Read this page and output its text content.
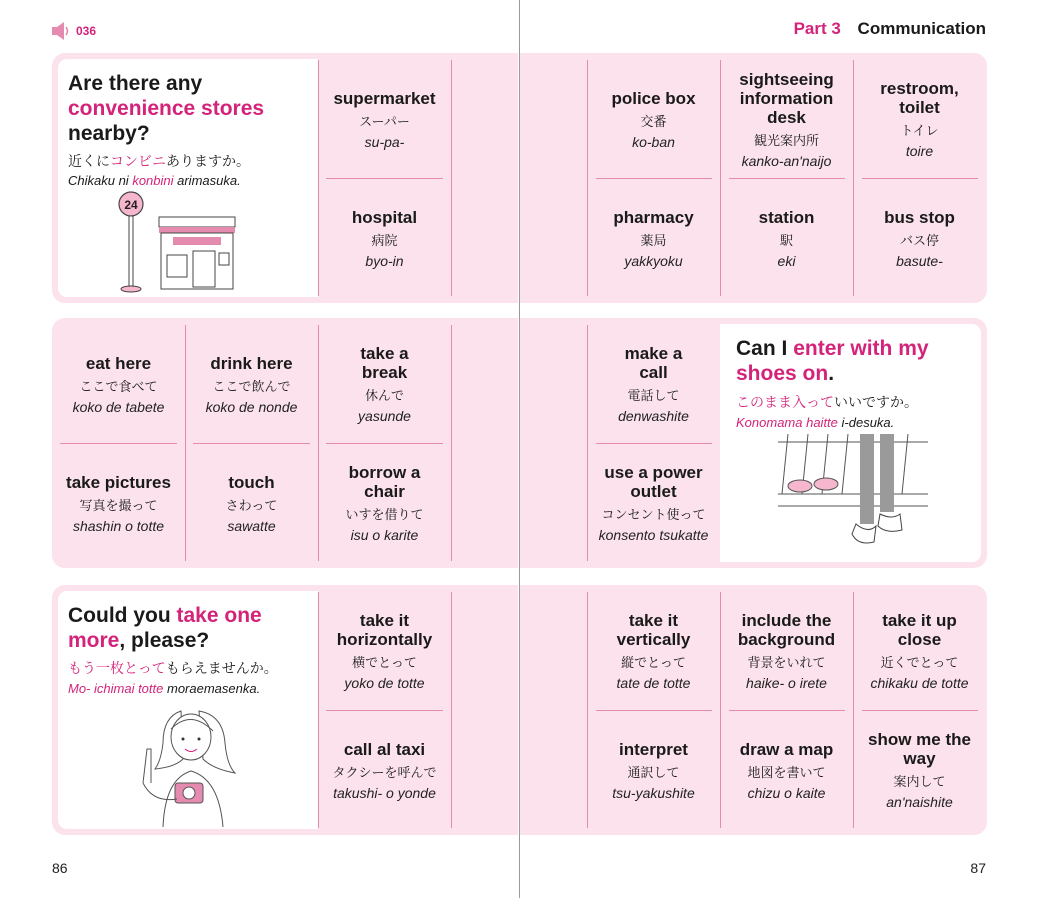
036	Part 3 Communication
Are there any convenience stores
nearby?
近くにコンビニありますか。
Chikaku ni konbini arimasuka.
24
supermarket
スーパー
su-pa-
hospital
病院
byo-in
police box
交番
ko-ban
sightseeing information desk
観光案内所
kanko-an'naijo
restroom, toilet
トイレ
toire
pharmacy
薬局
yakkyoku
station
駅
eki
bus stop
バス停
basute-
Can I enter with my shoes on.
このまま入っていいですか。
Konomama haitte i-desuka.
eat here
ここで食べて
koko de tabete
drink here
ここで飲んで
koko de nonde
take a break
休んで
yasunde
take pictures
写真を撮って
shashin o totte
touch
さわって
sawatte
borrow a chair
いすを借りて
isu o karite
make a call
電話して
denwashite
use a power outlet
コンセント使って
konsento tsukatte
Could you take one more, please?
もう一枚とってもらえませんか。
Mo- ichimai totte moraemasenka.
take it horizontally
横でとって
yoko de totte
call al taxi
タクシーを呼んで
takushi- o yonde
take it vertically
縦でとって
tate de totte
include the background
背景をいれて
haike- o irete
take it up close
近くでとって
chikaku de totte
interpret
通訳して
tsu-yakushite
draw a map
地図を書いて
chizu o kaite
show me the way
案内して
an'naishite
86	87
